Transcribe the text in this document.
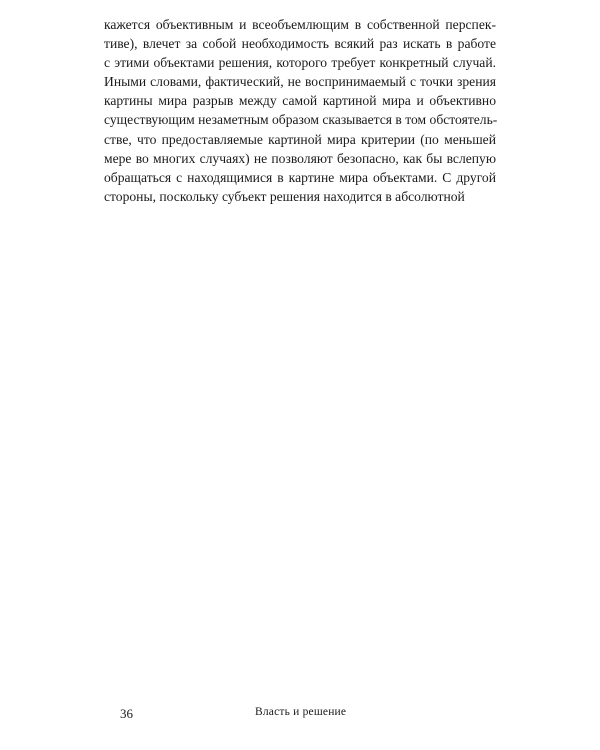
кажется объективным и всеобъемлющим в собственной перспек-

тиве), влечет за собой необходимость всякий раз искать в работе

с этими объектами решения, которого требует конкретный случай.

Иными словами, фактический, не воспринимаемый с точки зрения

картины мира разрыв между самой картиной мира и объективно

существующим незаметным образом сказывается в том обстоятель-

стве, что предоставляемые картиной мира критерии (по меньшей

мере во многих случаях) не позволяют безопасно, как бы вслепую

обращаться с находящимися в картине мира объектами. С другой

стороны, поскольку субъект решения находится в абсолютной

36	Власть и решение
